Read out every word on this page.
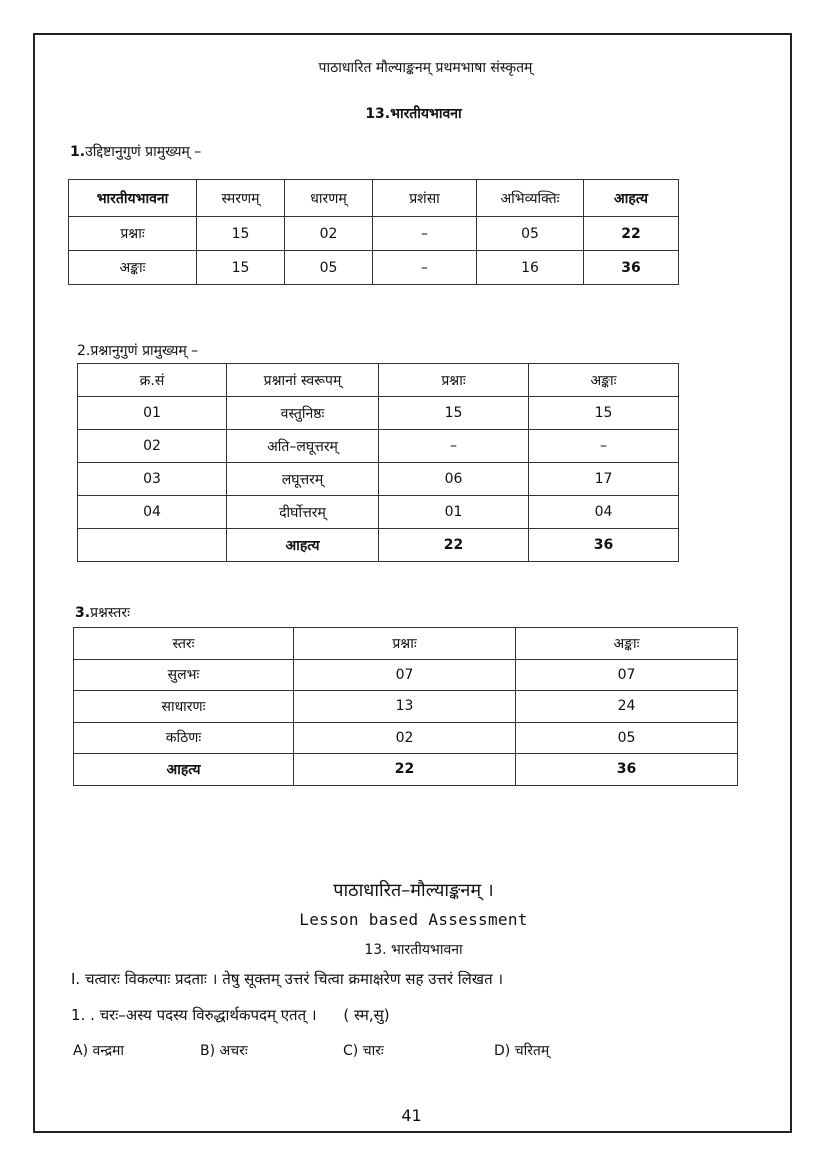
पाठाधारित मौल्याङ्कनम् प्रथमभाषा संस्कृतम्
13.भारतीयभावना
1.उद्दिष्टानुगुणं प्रामुख्यम् –
भारतीयभावना	स्मरणम्	धारणम्	प्रशंसा	अभिव्यक्तिः	आहत्य
प्रश्नाः	15	02	–	05	22
अङ्काः	15	05	–	16	36
2.प्रश्नानुगुणं प्रामुख्यम् –
क्र.सं	प्रश्नानां स्वरूपम्	प्रश्नाः	अङ्काः
01	वस्तुनिष्ठः	15	15
02	अति–लघूत्तरम्	–	–
03	लघूत्तरम्	06	17
04	दीर्घोत्तरम्	01	04
	आहत्य	22	36
3.प्रश्नस्तरः
स्तरः	प्रश्नाः	अङ्काः
सुलभः	07	07
साधारणः	13	24
कठिणः	02	05
आहत्य	22	36
पाठाधारित–मौल्याङ्कनम् ।
Lesson based Assessment
13. भारतीयभावना
I. चत्वारः विकल्पाः प्रदताः । तेषु सूक्तम् उत्तरं चित्वा क्रमाक्षरेण सह उत्तरं लिखत ।
1. . चरः–अस्य पदस्य विरुद्धार्थकपदम् एतत् । ( स्म,सु)
A) वन्द्रमा	B) अचरः	C) चारः	D) चरितम्
41
